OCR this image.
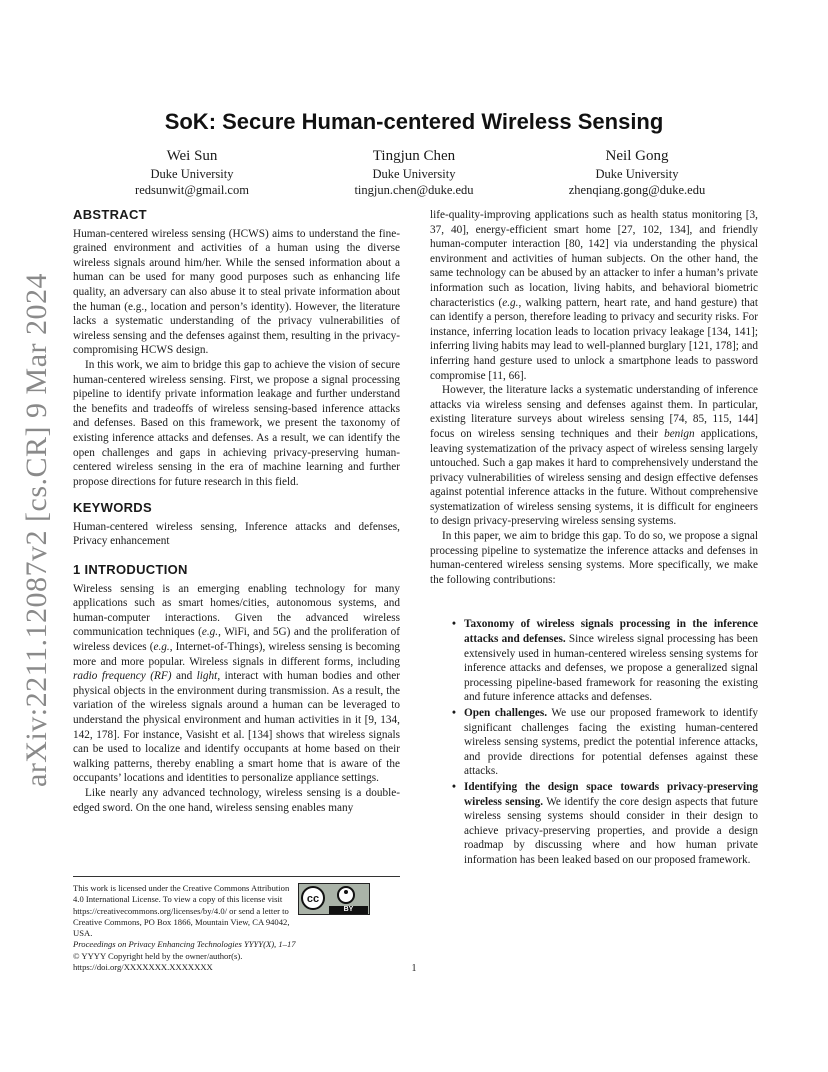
arXiv:2211.12087v2 [cs.CR] 9 Mar 2024
SoK: Secure Human-centered Wireless Sensing
Wei Sun
Duke University
redsunwit@gmail.com
Tingjun Chen
Duke University
tingjun.chen@duke.edu
Neil Gong
Duke University
zhenqiang.gong@duke.edu
ABSTRACT

Human-centered wireless sensing (HCWS) aims to understand the fine-grained environment and activities of a human using the diverse wireless signals around him/her. While the sensed information about a human can be used for many good purposes such as enhancing life quality, an adversary can also abuse it to steal private information about the human (e.g., location and person’s identity). However, the literature lacks a systematic understanding of the privacy vulnerabilities of wireless sensing and the defenses against them, resulting in the privacy-compromising HCWS design.

In this work, we aim to bridge this gap to achieve the vision of secure human-centered wireless sensing. First, we propose a signal processing pipeline to identify private information leakage and further understand the benefits and tradeoffs of wireless sensing-based inference attacks and defenses. Based on this framework, we present the taxonomy of existing inference attacks and defenses. As a result, we can identify the open challenges and gaps in achieving privacy-preserving human-centered wireless sensing in the era of machine learning and further propose directions for future research in this field.

KEYWORDS

Human-centered wireless sensing, Inference attacks and defenses, Privacy enhancement

1 INTRODUCTION

Wireless sensing is an emerging enabling technology for many applications such as smart homes/cities, autonomous systems, and human-computer interactions. Given the advanced wireless communication techniques (e.g., WiFi, and 5G) and the proliferation of wireless devices (e.g., Internet-of-Things), wireless sensing is becoming more and more popular. Wireless signals in different forms, including radio frequency (RF) and light, interact with human bodies and other physical objects in the environment during transmission. As a result, the variation of the wireless signals around a human can be leveraged to understand the physical environment and human activities in it [9, 134, 142, 178]. For instance, Vasisht et al. [134] shows that wireless signals can be used to localize and identify occupants at home based on their walking patterns, thereby enabling a smart home that is aware of the occupants’ locations and identities to personalize appliance settings.

Like nearly any advanced technology, wireless sensing is a double-edged sword. On the one hand, wireless sensing enables many

life-quality-improving applications such as health status monitoring [3, 37, 40], energy-efficient smart home [27, 102, 134], and friendly human-computer interaction [80, 142] via understanding the physical environment and activities of human subjects. On the other hand, the same technology can be abused by an attacker to infer a human’s private information such as location, living habits, and behavioral biometric characteristics (e.g., walking pattern, heart rate, and hand gesture) that can identify a person, therefore leading to privacy and security risks. For instance, inferring location leads to location privacy leakage [134, 141]; inferring living habits may lead to well-planned burglary [121, 178]; and inferring hand gesture used to unlock a smartphone leads to password compromise [11, 66].

However, the literature lacks a systematic understanding of inference attacks via wireless sensing and defenses against them. In particular, existing literature surveys about wireless sensing [74, 85, 115, 144] focus on wireless sensing techniques and their benign applications, leaving systematization of the privacy aspect of wireless sensing largely untouched. Such a gap makes it hard to comprehensively understand the privacy vulnerabilities of wireless sensing and design effective defenses against potential inference attacks in the future. Without comprehensive systematization of wireless sensing systems, it is difficult for engineers to design privacy-preserving wireless sensing systems.

In this paper, we aim to bridge this gap. To do so, we propose a signal processing pipeline to systematize the inference attacks and defenses in human-centered wireless sensing systems. More specifically, we make the following contributions:

• Taxonomy of wireless signals processing in the inference attacks and defenses. Since wireless signal processing has been extensively used in human-centered wireless sensing systems for inference attacks and defenses, we propose a generalized signal processing pipeline-based framework for reasoning the existing and future inference attacks and defenses.
• Open challenges. We use our proposed framework to identify significant challenges facing the existing human-centered wireless sensing systems, predict the potential inference attacks, and provide directions for potential defenses against these attacks.
• Identifying the design space towards privacy-preserving wireless sensing. We identify the core design aspects that future wireless sensing systems should consider in their design to achieve privacy-preserving properties, and provide a design roadmap by discussing where and how human private information has been leaked based on our proposed framework.
cc
BY
This work is licensed under the Creative Commons Attribution 4.0 International License. To view a copy of this license visit https://creativecommons.org/licenses/by/4.0/ or send a letter to Creative Commons, PO Box 1866, Mountain View, CA 94042, USA.
Proceedings on Privacy Enhancing Technologies YYYY(X), 1–17
© YYYY Copyright held by the owner/author(s).
https://doi.org/XXXXXXX.XXXXXXX	1
